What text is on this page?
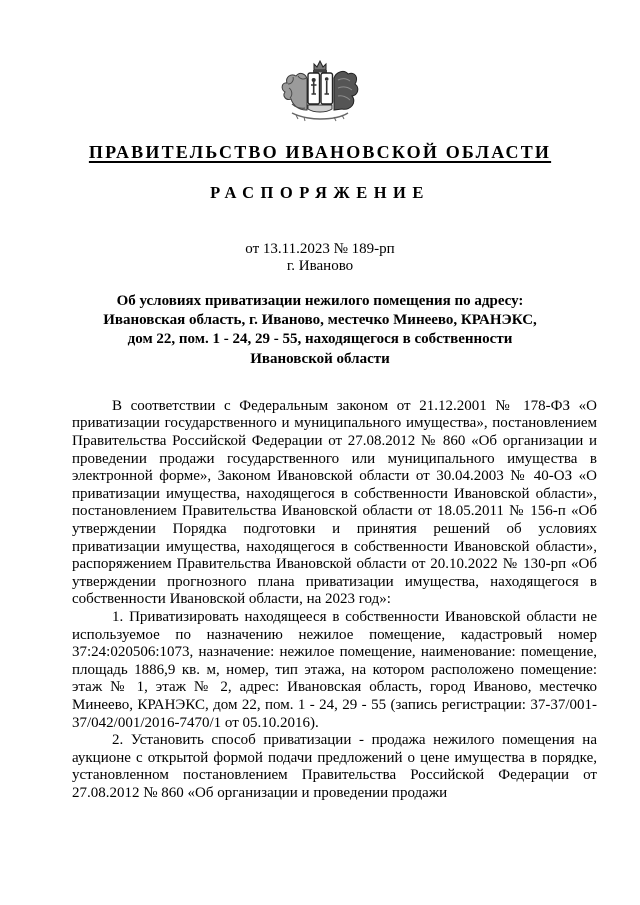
ПРАВИТЕЛЬСТВО ИВАНОВСКОЙ ОБЛАСТИ
РАСПОРЯЖЕНИЕ
от 13.11.2023 № 189-рп
г. Иваново
Об условиях приватизации нежилого помещения по адресу: Ивановская область, г. Иваново, местечко Минеево, КРАНЭКС, дом 22, пом. 1 - 24, 29 - 55, находящегося в собственности Ивановской области

В соответствии с Федеральным законом от 21.12.2001 № 178-ФЗ «О приватизации государственного и муниципального имущества», постановлением Правительства Российской Федерации от 27.08.2012 № 860 «Об организации и проведении продажи государственного или муниципального имущества в электронной форме», Законом Ивановской области от 30.04.2003 № 40-ОЗ «О приватизации имущества, находящегося в собственности Ивановской области», постановлением Правительства Ивановской области от 18.05.2011 № 156-п «Об утверждении Порядка подготовки и принятия решений об условиях приватизации имущества, находящегося в собственности Ивановской области», распоряжением Правительства Ивановской области от 20.10.2022 № 130-рп «Об утверждении прогнозного плана приватизации имущества, находящегося в собственности Ивановской области, на 2023 год»:

1. Приватизировать находящееся в собственности Ивановской области не используемое по назначению нежилое помещение, кадастровый номер 37:24:020506:1073, назначение: нежилое помещение, наименование: помещение, площадь 1886,9 кв. м, номер, тип этажа, на котором расположено помещение: этаж № 1, этаж № 2, адрес: Ивановская область, город Иваново, местечко Минеево, КРАНЭКС, дом 22, пом. 1 - 24, 29 - 55 (запись регистрации: 37-37/001-37/042/001/2016-7470/1 от 05.10.2016).

2. Установить способ приватизации - продажа нежилого помещения на аукционе с открытой формой подачи предложений о цене имущества в порядке, установленном постановлением Правительства Российской Федерации от 27.08.2012 № 860 «Об организации и проведении продажи
